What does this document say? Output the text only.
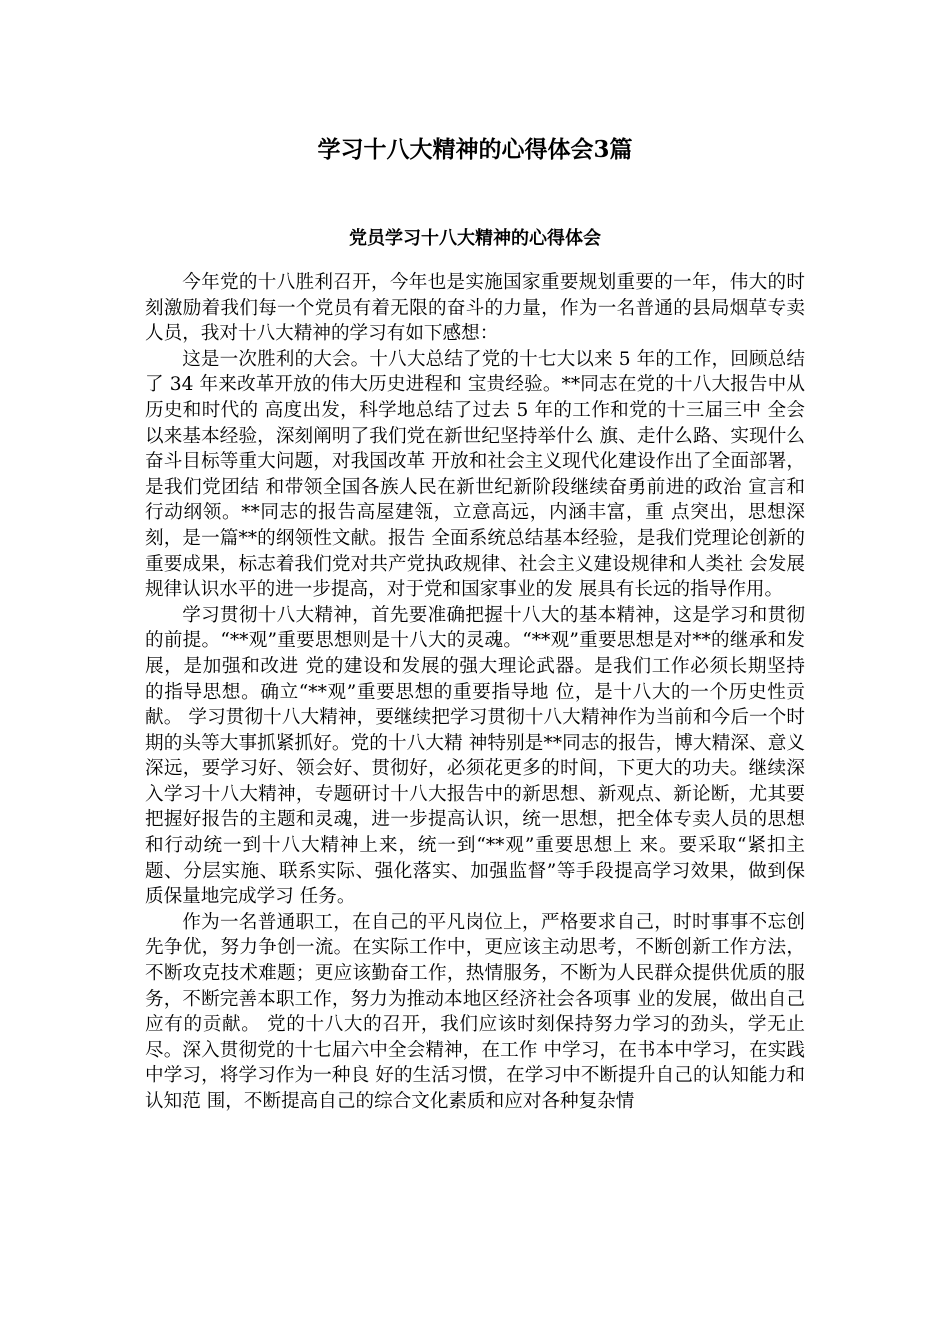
学习十八大精神的心得体会3篇
党员学习十八大精神的心得体会

今年党的十八胜利召开，今年也是实施国家重要规划重要的一年，伟大的时刻激励着我们每一个党员有着无限的奋斗的力量，作为一名普通的县局烟草专卖人员，我对十八大精神的学习有如下感想：

这是一次胜利的大会。十八大总结了党的十七大以来 5 年的工作，回顾总结了 34 年来改革开放的伟大历史进程和 宝贵经验。**同志在党的十八大报告中从历史和时代的 高度出发，科学地总结了过去 5 年的工作和党的十三届三中 全会以来基本经验，深刻阐明了我们党在新世纪坚持举什么 旗、走什么路、实现什么奋斗目标等重大问题，对我国改革 开放和社会主义现代化建设作出了全面部署，是我们党团结 和带领全国各族人民在新世纪新阶段继续奋勇前进的政治 宣言和行动纲领。**同志的报告高屋建瓴，立意高远，内涵丰富，重 点突出，思想深刻，是一篇**的纲领性文献。报告 全面系统总结基本经验，是我们党理论创新的重要成果，标志着我们党对共产党执政规律、社会主义建设规律和人类社 会发展规律认识水平的进一步提高，对于党和国家事业的发 展具有长远的指导作用。

学习贯彻十八大精神，首先要准确把握十八大的基本精神，这是学习和贯彻的前提。“**观”重要思想则是十八大的灵魂。“**观”重要思想是对**的继承和发展，是加强和改进 党的建设和发展的强大理论武器。是我们工作必须长期坚持 的指导思想。确立“**观”重要思想的重要指导地 位，是十八大的一个历史性贡献。 学习贯彻十八大精神，要继续把学习贯彻十八大精神作为当前和今后一个时期的头等大事抓紧抓好。党的十八大精 神特别是**同志的报告，博大精深、意义深远，要学习好、领会好、贯彻好，必须花更多的时间，下更大的功夫。继续深入学习十八大精神，专题研讨十八大报告中的新思想、新观点、新论断，尤其要把握好报告的主题和灵魂，进一步提高认识，统一思想，把全体专卖人员的思想和行动统一到十八大精神上来，统一到“**观”重要思想上 来。要采取“紧扣主题、分层实施、联系实际、强化落实、加强监督”等手段提高学习效果，做到保质保量地完成学习 任务。

作为一名普通职工，在自己的平凡岗位上，严格要求自己，时时事事不忘创先争优，努力争创一流。在实际工作中，更应该主动思考，不断创新工作方法，不断攻克技术难题；更应该勤奋工作，热情服务，不断为人民群众提供优质的服务，不断完善本职工作，努力为推动本地区经济社会各项事 业的发展，做出自己应有的贡献。 党的十八大的召开，我们应该时刻保持努力学习的劲头，学无止尽。深入贯彻党的十七届六中全会精神，在工作 中学习，在书本中学习，在实践中学习，将学习作为一种良 好的生活习惯，在学习中不断提升自己的认知能力和认知范 围，不断提高自己的综合文化素质和应对各种复杂情
